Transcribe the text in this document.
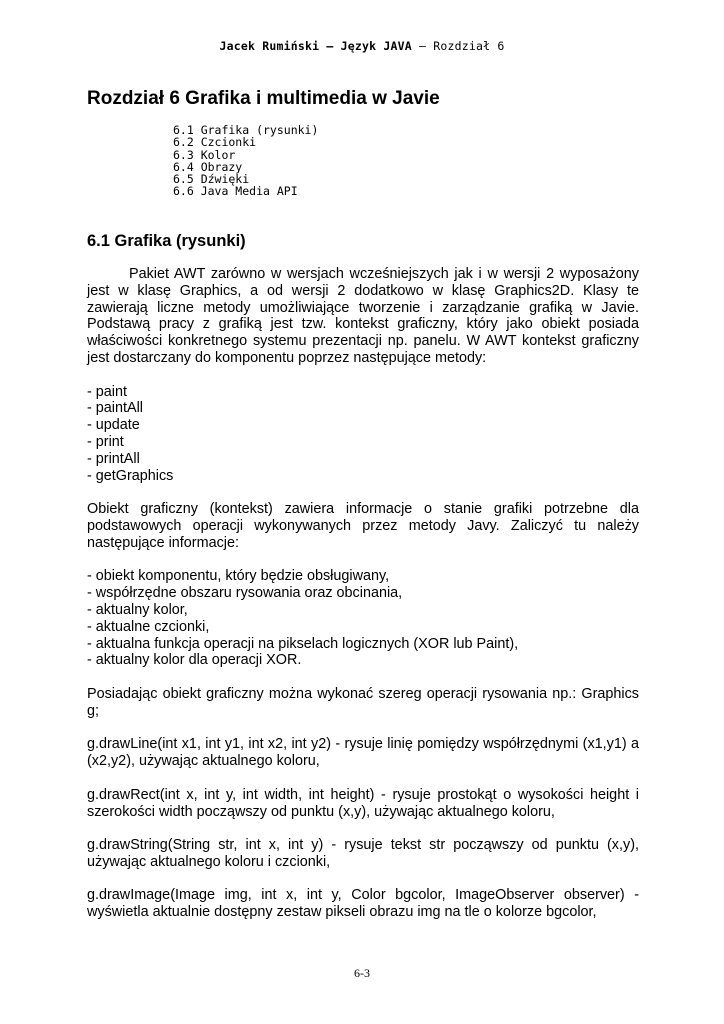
Jacek Rumiński – Język JAVA – Rozdział 6
Rozdział 6 Grafika i multimedia w Javie
6.1 Grafika (rysunki)
6.2 Czcionki
6.3 Kolor
6.4 Obrazy
6.5 Dźwięki
6.6 Java Media API
6.1 Grafika (rysunki)

Pakiet AWT zarówno w wersjach wcześniejszych jak i w wersji 2 wyposażony jest w klasę Graphics, a od wersji 2 dodatkowo w klasę Graphics2D. Klasy te zawierają liczne metody umożliwiające tworzenie i zarządzanie grafiką w Javie. Podstawą pracy z grafiką jest tzw. kontekst graficzny, który jako obiekt posiada właściwości konkretnego systemu prezentacji np. panelu. W AWT kontekst graficzny jest dostarczany do komponentu poprzez następujące metody:

- paint
- paintAll
- update
- print
- printAll
- getGraphics

Obiekt graficzny (kontekst) zawiera informacje o stanie grafiki potrzebne dla podstawowych operacji wykonywanych przez metody Javy. Zaliczyć tu należy następujące informacje:

- obiekt komponentu, który będzie obsługiwany,
- współrzędne obszaru rysowania oraz obcinania,
- aktualny kolor,
- aktualne czcionki,
- aktualna funkcja operacji na pikselach logicznych (XOR lub Paint),
- aktualny kolor dla operacji XOR.

Posiadając obiekt graficzny można wykonać szereg operacji rysowania np.: Graphics g;

g.drawLine(int x1, int y1, int x2, int y2) - rysuje linię pomiędzy współrzędnymi (x1,y1) a (x2,y2), używając aktualnego koloru,

g.drawRect(int x, int y, int width, int height) - rysuje prostokąt o wysokości height i szerokości width począwszy od punktu (x,y), używając aktualnego koloru,

g.drawString(String str, int x, int y) - rysuje tekst str począwszy od punktu (x,y), używając aktualnego koloru i czcionki,

g.drawImage(Image img, int x, int y, Color bgcolor, ImageObserver observer) - wyświetla aktualnie dostępny zestaw pikseli obrazu img na tle o kolorze bgcolor,

6-3
